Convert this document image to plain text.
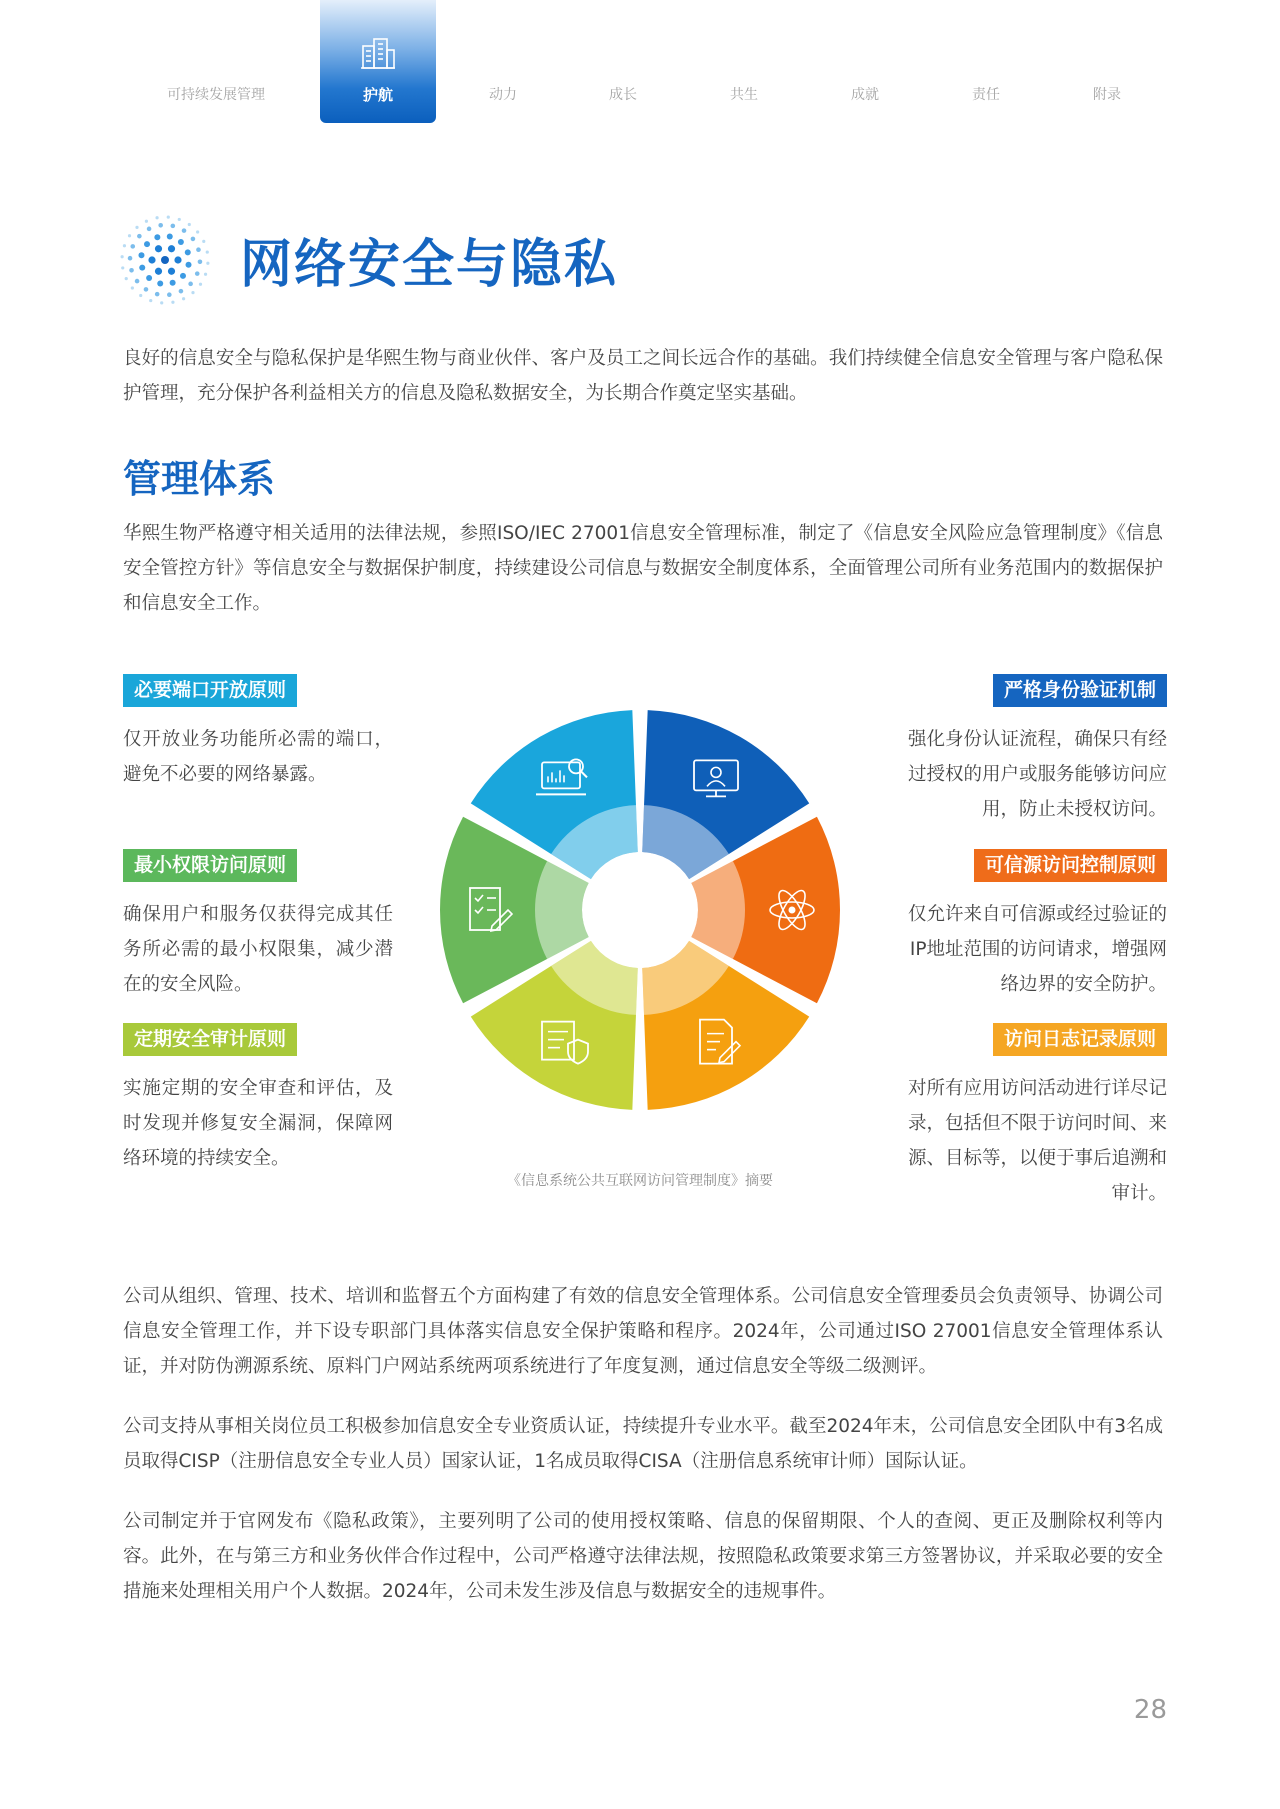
可持续发展管理	护航	动力	成长	共生	成就	责任	附录
网络安全与隐私

良好的信息安全与隐私保护是华熙生物与商业伙伴、客户及员工之间长远合作的基础。我们持续健全信息安全管理与客户隐私保护管理，充分保护各利益相关方的信息及隐私数据安全，为长期合作奠定坚实基础。

管理体系

华熙生物严格遵守相关适用的法律法规，参照ISO/IEC 27001信息安全管理标准，制定了《信息安全风险应急管理制度》《信息安全管控方针》等信息安全与数据保护制度，持续建设公司信息与数据安全制度体系，全面管理公司所有业务范围内的数据保护和信息安全工作。

必要端口开放原则

仅开放业务功能所必需的端口，避免不必要的网络暴露。

最小权限访问原则

确保用户和服务仅获得完成其任务所必需的最小权限集，减少潜在的安全风险。

定期安全审计原则

实施定期的安全审查和评估，及时发现并修复安全漏洞，保障网络环境的持续安全。

严格身份验证机制

强化身份认证流程，确保只有经过授权的用户或服务能够访问应用，防止未授权访问。

可信源访问控制原则

仅允许来自可信源或经过验证的IP地址范围的访问请求，增强网络边界的安全防护。

访问日志记录原则

对所有应用访问活动进行详尽记录，包括但不限于访问时间、来源、目标等，以便于事后追溯和审计。

《信息系统公共互联网访问管理制度》摘要

公司从组织、管理、技术、培训和监督五个方面构建了有效的信息安全管理体系。公司信息安全管理委员会负责领导、协调公司信息安全管理工作，并下设专职部门具体落实信息安全保护策略和程序。2024年，公司通过ISO 27001信息安全管理体系认证，并对防伪溯源系统、原料门户网站系统两项系统进行了年度复测，通过信息安全等级二级测评。

公司支持从事相关岗位员工积极参加信息安全专业资质认证，持续提升专业水平。截至2024年末，公司信息安全团队中有3名成员取得CISP（注册信息安全专业人员）国家认证，1名成员取得CISA（注册信息系统审计师）国际认证。

公司制定并于官网发布《隐私政策》，主要列明了公司的使用授权策略、信息的保留期限、个人的查阅、更正及删除权利等内容。此外，在与第三方和业务伙伴合作过程中，公司严格遵守法律法规，按照隐私政策要求第三方签署协议，并采取必要的安全措施来处理相关用户个人数据。2024年，公司未发生涉及信息与数据安全的违规事件。

28
